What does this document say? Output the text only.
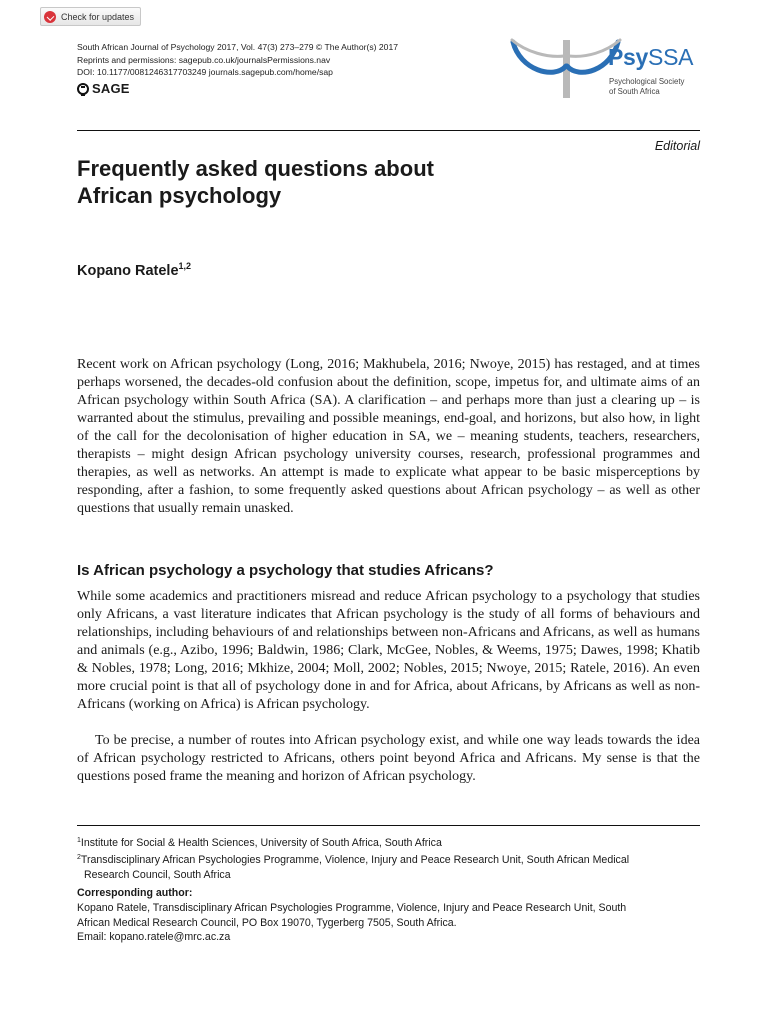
Check for updates
South African Journal of Psychology 2017, Vol. 47(3) 273–279 © The Author(s) 2017
Reprints and permissions: sagepub.co.uk/journalsPermissions.nav
DOI: 10.1177/0081246317703249 journals.sagepub.com/home/sap
SAGE
PsySSA
Psychological Society
of South Africa
Editorial
Frequently asked questions about
African psychology
Kopano Ratele$^{1,2}$

Recent work on African psychology (Long, 2016; Makhubela, 2016; Nwoye, 2015) has restaged, and at times perhaps worsened, the decades-old confusion about the definition, scope, impetus for, and ultimate aims of an African psychology within South Africa (SA). A clarification – and perhaps more than just a clearing up – is warranted about the stimulus, prevailing and possible meanings, end-goal, and horizons, but also how, in light of the call for the decolonisation of higher education in SA, we – meaning students, teachers, researchers, therapists – might design African psychology university courses, research, professional programmes and therapies, as well as networks. An attempt is made to explicate what appear to be basic misperceptions by responding, after a fashion, to some frequently asked questions about African psychology – as well as other questions that usually remain unasked.

Is African psychology a psychology that studies Africans?

While some academics and practitioners misread and reduce African psychology to a psychology that studies only Africans, a vast literature indicates that African psychology is the study of all forms of behaviours and relationships, including behaviours of and relationships between non-Africans and Africans, as well as humans and animals (e.g., Azibo, 1996; Baldwin, 1986; Clark, McGee, Nobles, & Weems, 1975; Dawes, 1998; Khatib & Nobles, 1978; Long, 2016; Mkhize, 2004; Moll, 2002; Nobles, 2015; Nwoye, 2015; Ratele, 2016). An even more crucial point is that all of psychology done in and for Africa, about Africans, by Africans as well as non-Africans (working on Africa) is African psychology.

To be precise, a number of routes into African psychology exist, and while one way leads towards the idea of African psychology restricted to Africans, others point beyond Africa and Africans. My sense is that the questions posed frame the meaning and horizon of African psychology.

$^1$Institute for Social & Health Sciences, University of South Africa, South Africa
$^2$Transdisciplinary African Psychologies Programme, Violence, Injury and Peace Research Unit, South African Medical
Research Council, South Africa
Corresponding author:
Kopano Ratele, Transdisciplinary African Psychologies Programme, Violence, Injury and Peace Research Unit, South
African Medical Research Council, PO Box 19070, Tygerberg 7505, South Africa.
Email: kopano.ratele@mrc.ac.za
